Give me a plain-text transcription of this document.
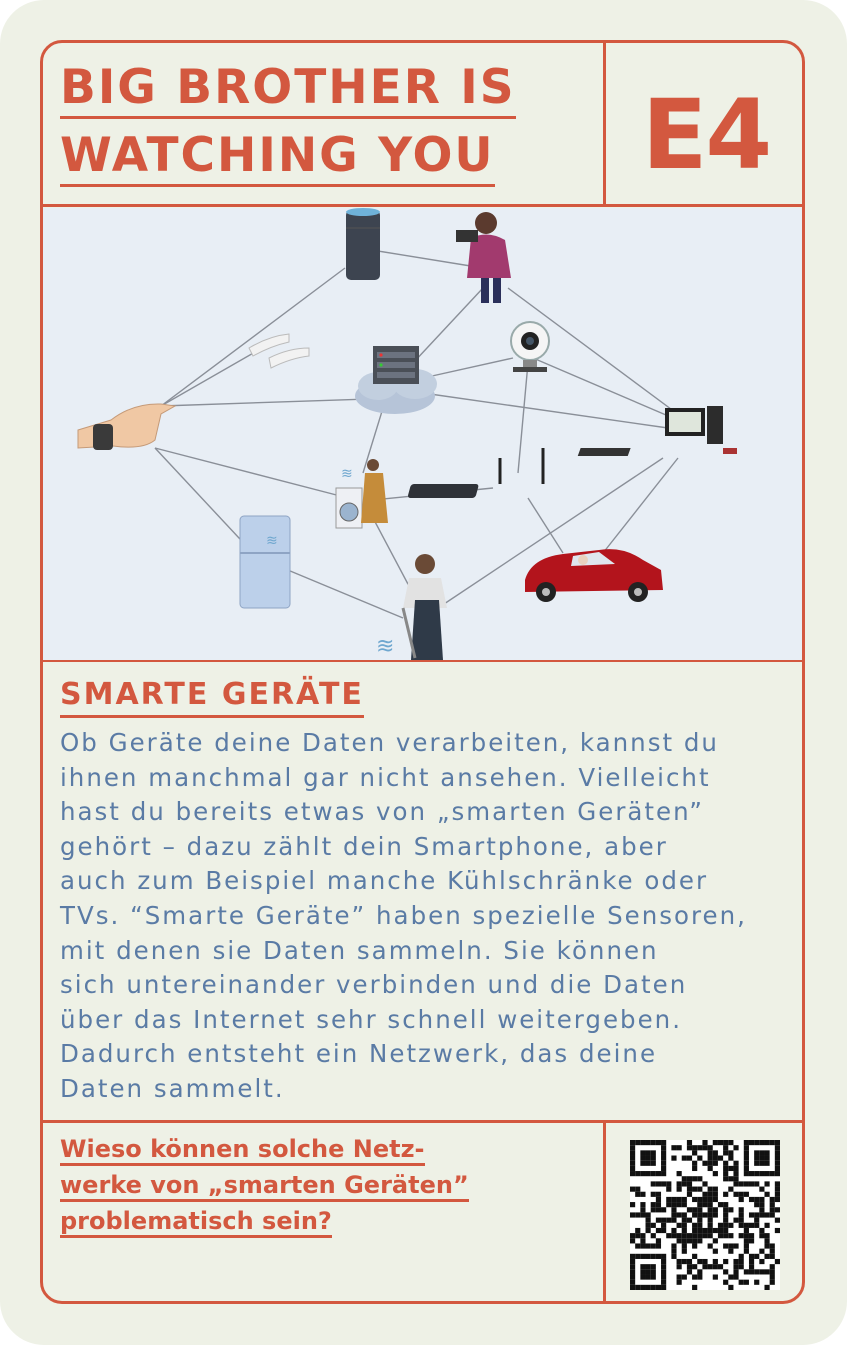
BIG BROTHER IS
WATCHING YOU	E4
≋
≋
≋
SMARTE GERÄTE

Ob Geräte deine Daten verarbeiten, kannst du
ihnen manchmal gar nicht ansehen. Vielleicht
hast du bereits etwas von „smarten Geräten”
gehört – dazu zählt dein Smartphone, aber
auch zum Beispiel manche Kühlschränke oder
TVs. “Smarte Geräte” haben spezielle Sensoren,
mit denen sie Daten sammeln. Sie können
sich untereinander verbinden und die Daten
über das Internet sehr schnell weitergeben.
Dadurch entsteht ein Netzwerk, das deine
Daten sammelt.

Wieso können solche Netz-
werke von „smarten Geräten”
problematisch sein?
